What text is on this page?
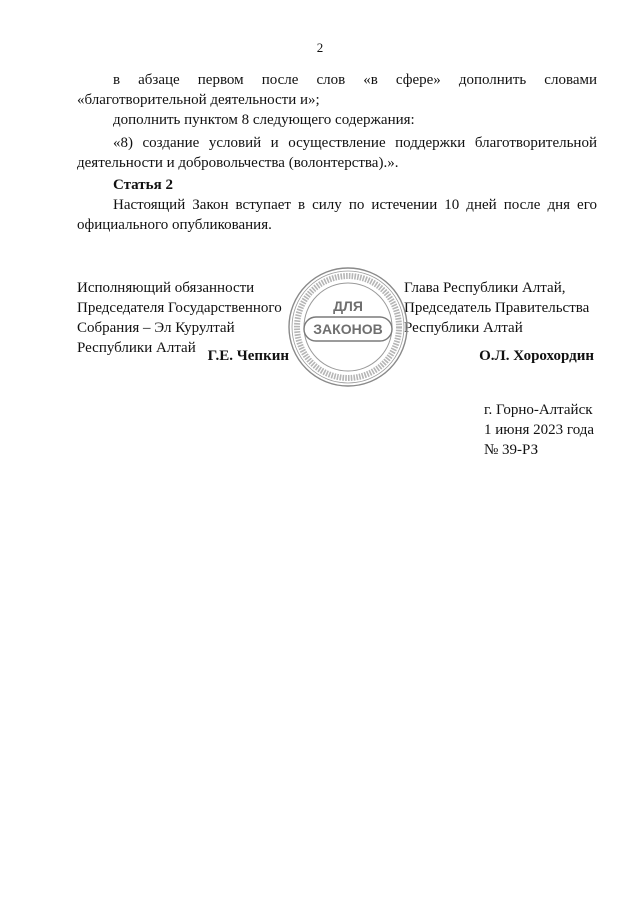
2

в абзаце первом после слов «в сфере» дополнить словами

«благотворительной деятельности и»;

дополнить пунктом 8 следующего содержания:

«8) создание условий и осуществление поддержки благотворительной

деятельности и добровольчества (волонтерства).».

Статья 2

Настоящий Закон вступает в силу по истечении 10 дней после дня его

официального опубликования.

Исполняющий обязанности
Председателя Государственного
Собрания – Эл Курултай
Республики Алтай Г.Е. Чепкин
Глава Республики Алтай,
Председатель Правительства
Республики Алтай
О.Л. Хорохордин
ДЛЯ
ЗАКОНОВ
г. Горно-Алтайск
1 июня 2023 года
№ 39-РЗ
